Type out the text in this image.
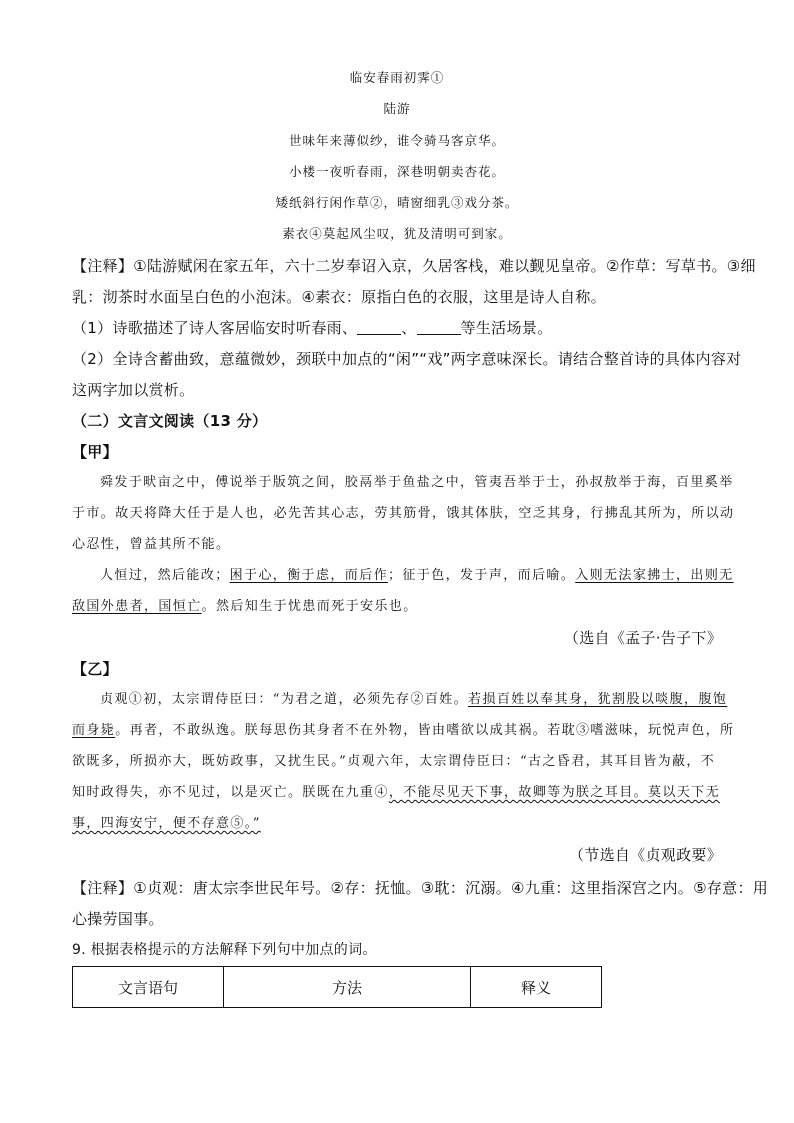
临安春雨初霁①
陆游
世味年来薄似纱，谁令骑马客京华。
小楼一夜听春雨，深巷明朝卖杏花。
矮纸斜行闲作草②，晴窗细乳③戏分茶。
素衣④莫起风尘叹，犹及清明可到家。
【注释】①陆游赋闲在家五年，六十二岁奉诏入京，久居客栈，难以觐见皇帝。②作草：写草书。③细
乳：沏茶时水面呈白色的小泡沫。④素衣：原指白色的衣服，这里是诗人自称。
（1）诗歌描述了诗人客居临安时听春雨、	、	等生活场景。
（2）全诗含蓄曲致，意蕴微妙，颈联中加点的“闲”“戏”两字意味深长。请结合整首诗的具体内容对
这两字加以赏析。
（二）文言文阅读（13 分）
【甲】
舜发于畎亩之中，傅说举于版筑之间，胶鬲举于鱼盐之中，管夷吾举于士，孙叔敖举于海，百里奚举
于市。故天将降大任于是人也，必先苦其心志，劳其筋骨，饿其体肤，空乏其身，行拂乱其所为，所以动
心忍性，曾益其所不能。
人恒过，然后能改；困于心，衡于虑，而后作；征于色，发于声，而后喻。入则无法家拂士，出则无
敌国外患者，国恒亡。然后知生于忧患而死于安乐也。
（选自《孟子·告子下》
【乙】
贞观①初，太宗谓侍臣曰：“为君之道，必须先存②百姓。若损百姓以奉其身，犹割股以啖腹，腹饱
而身毙。再者，不敢纵逸。朕每思伤其身者不在外物，皆由嗜欲以成其祸。若耽③嗜滋味，玩悦声色，所
欲既多，所损亦大，既妨政事，又扰生民。”贞观六年，太宗谓侍臣曰：“古之昏君，其耳目皆为蔽，不
知时政得失，亦不见过，以是灭亡。朕既在九重④，不能尽见天下事，故卿等为朕之耳目。莫以天下无
事，四海安宁，便不存意⑤。”
（节选自《贞观政要》
【注释】①贞观：唐太宗李世民年号。②存：抚恤。③耽：沉溺。④九重：这里指深宫之内。⑤存意：用
心操劳国事。
9. 根据表格提示的方法解释下列句中加点的词。
文言语句	方法	释义
